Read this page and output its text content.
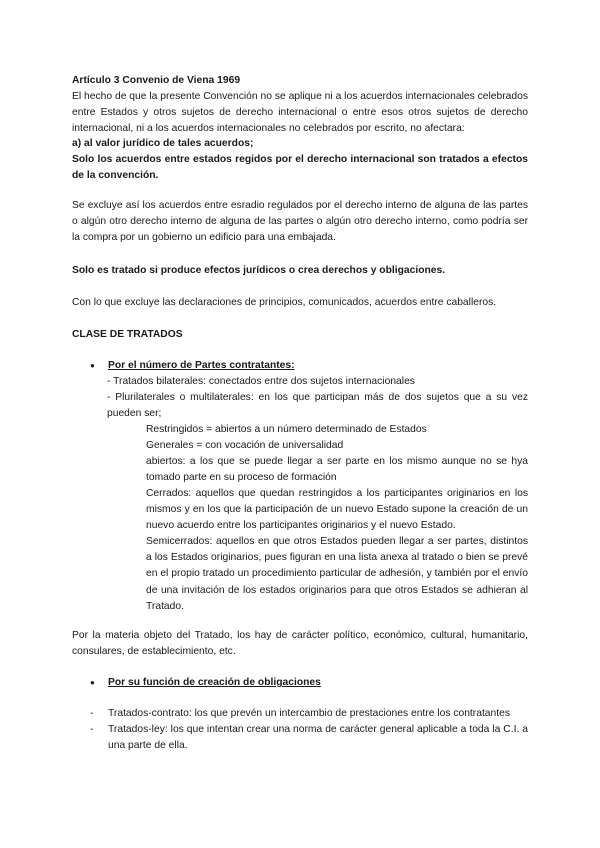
Artículo 3 Convenio de Viena 1969

El hecho de que la presente Convención no se aplique ni a los acuerdos internacionales celebrados entre Estados y otros sujetos de derecho internacional o entre esos otros sujetos de derecho internacional, ni a los acuerdos internacionales no celebrados por escrito, no afectara:

a) al valor jurídico de tales acuerdos;

Solo los acuerdos entre estados regidos por el derecho internacional son tratados a efectos de la convención.

Se excluye así los acuerdos entre esradio regulados por el derecho interno de alguna de las partes o algún otro derecho interno de alguna de las partes o algún otro derecho interno, como podría ser la compra por un gobierno un edificio para una embajada.

Solo es tratado si produce efectos jurídicos o crea derechos y obligaciones.

Con lo que excluye las declaraciones de principios, comunicados, acuerdos entre caballeros.

CLASE DE TRATADOS

● Por el número de Partes contratantes:

- Tratados bilaterales: conectados entre dos sujetos internacionales

- Plurilaterales o multilaterales: en los que participan más de dos sujetos que a su vez pueden ser;

Restringidos = abiertos a un número determinado de Estados

Generales = con vocación de universalidad

abiertos: a los que se puede llegar a ser parte en los mismo aunque no se hya tomado parte en su proceso de formación

Cerrados: aquellos que quedan restringidos a los participantes originarios en los mismos y en los que la participación de un nuevo Estado supone la creación de un nuevo acuerdo entre los participantes originarios y el nuevo Estado.

Semicerrados: aquellos en que otros Estados pueden llegar a ser partes, distintos a los Estados originarios, pues figuran en una lista anexa al tratado o bien se prevé en el propio tratado un procedimiento particular de adhesión, y también por el envío de una invitación de los estados originarios para que otros Estados se adhieran al Tratado.

Por la materia objeto del Tratado, los hay de carácter político, económico, cultural, humanitario, consulares, de establecimiento, etc.

● Por su función de creación de obligaciones
- Tratados-contrato: los que prevén un intercambio de prestaciones entre los contratantes
- Tratados-ley: los que intentan crear una norma de carácter general aplicable a toda la C.I. a una parte de ella.
